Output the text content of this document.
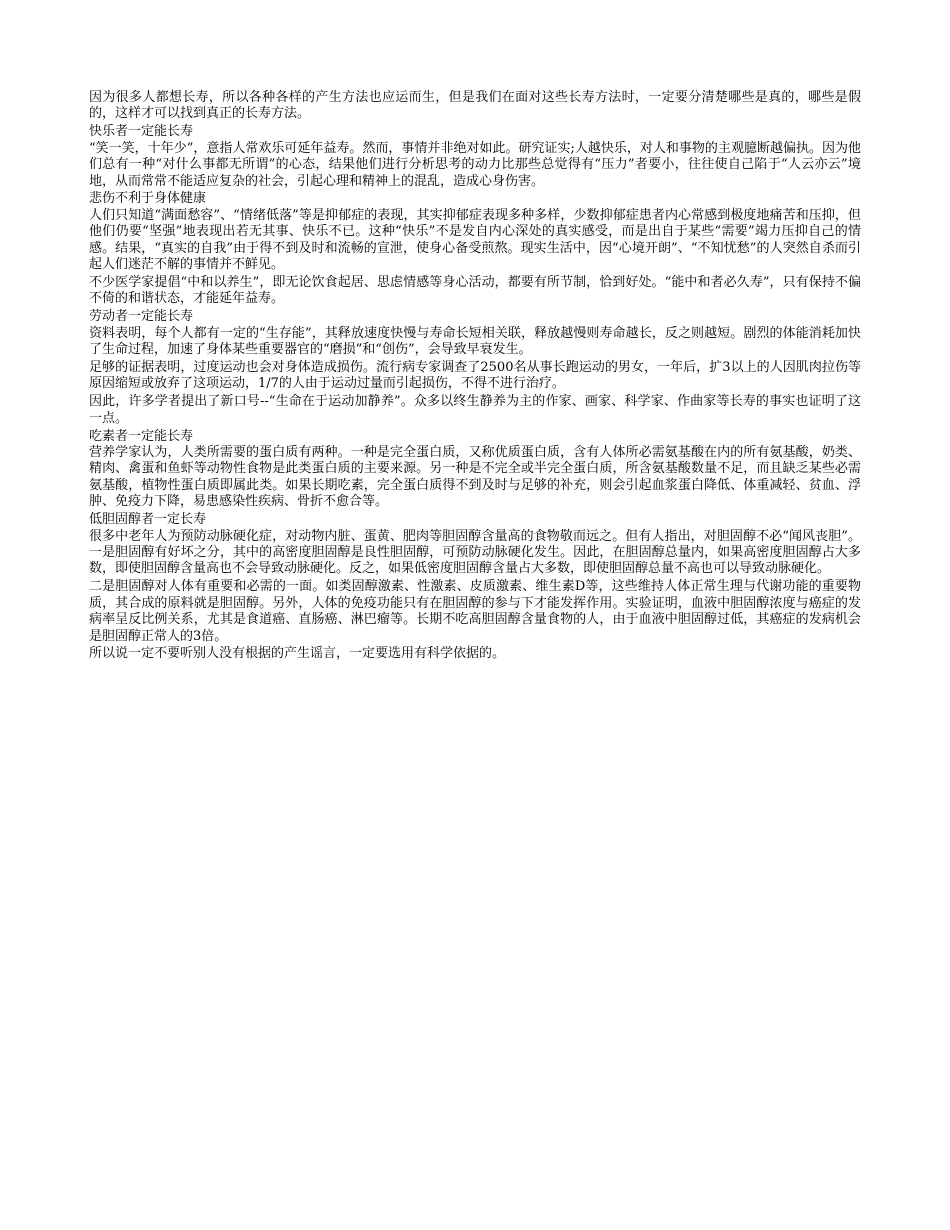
因为很多人都想长寿，所以各种各样的产生方法也应运而生，但是我们在面对这些长寿方法时，一定要分清楚哪些是真的，哪些是假的，这样才可以找到真正的长寿方法。

快乐者一定能长寿

“笑一笑，十年少”，意指人常欢乐可延年益寿。然而，事情并非绝对如此。研究证实;人越快乐，对人和事物的主观臆断越偏执。因为他们总有一种“对什么事都无所谓”的心态，结果他们进行分析思考的动力比那些总觉得有“压力”者要小，往往使自己陷于“人云亦云”境地，从而常常不能适应复杂的社会，引起心理和精神上的混乱，造成心身伤害。

悲伤不利于身体健康

人们只知道“满面愁容”、“情绪低落”等是抑郁症的表现，其实抑郁症表现多种多样，少数抑郁症患者内心常感到极度地痛苦和压抑，但他们仍要“坚强”地表现出若无其事、快乐不已。这种“快乐”不是发自内心深处的真实感受，而是出自于某些“需要”竭力压抑自己的情感。结果，“真实的自我”由于得不到及时和流畅的宣泄，使身心备受煎熬。现实生活中，因“心境开朗”、“不知忧愁”的人突然自杀而引起人们迷茫不解的事情并不鲜见。

不少医学家提倡“中和以养生”，即无论饮食起居、思虑情感等身心活动，都要有所节制，恰到好处。“能中和者必久寿”，只有保持不偏不倚的和谐状态，才能延年益寿。

劳动者一定能长寿

资料表明，每个人都有一定的“生存能”，其释放速度快慢与寿命长短相关联，释放越慢则寿命越长，反之则越短。剧烈的体能消耗加快了生命过程，加速了身体某些重要器官的“磨损”和“创伤”，会导致早衰发生。

足够的证据表明，过度运动也会对身体造成损伤。流行病专家调查了2500名从事长跑运动的男女，一年后，扩3以上的人因肌肉拉伤等原因缩短或放弃了这项运动，1/7的人由于运动过量而引起损伤，不得不进行治疗。

因此，许多学者提出了新口号--“生命在于运动加静养”。众多以终生静养为主的作家、画家、科学家、作曲家等长寿的事实也证明了这一点。

吃素者一定能长寿

营养学家认为，人类所需要的蛋白质有两种。一种是完全蛋白质，又称优质蛋白质，含有人体所必需氨基酸在内的所有氨基酸，奶类、精肉、禽蛋和鱼虾等动物性食物是此类蛋白质的主要来源。另一种是不完全或半完全蛋白质，所含氨基酸数量不足，而且缺乏某些必需氨基酸，植物性蛋白质即属此类。如果长期吃素，完全蛋白质得不到及时与足够的补充，则会引起血浆蛋白降低、体重减轻、贫血、浮肿、免疫力下降，易患感染性疾病、骨折不愈合等。

低胆固醇者一定长寿

很多中老年人为预防动脉硬化症，对动物内脏、蛋黄、肥肉等胆固醇含量高的食物敬而远之。但有人指出，对胆固醇不必“闻风丧胆”。一是胆固醇有好坏之分，其中的高密度胆固醇是良性胆固醇，可预防动脉硬化发生。因此，在胆固醇总量内，如果高密度胆固醇占大多数，即使胆固醇含量高也不会导致动脉硬化。反之，如果低密度胆固醇含量占大多数，即使胆固醇总量不高也可以导致动脉硬化。

二是胆固醇对人体有重要和必需的一面。如类固醇激素、性激素、皮质激素、维生素D等，这些维持人体正常生理与代谢功能的重要物质，其合成的原料就是胆固醇。另外，人体的免疫功能只有在胆固醇的参与下才能发挥作用。实验证明，血液中胆固醇浓度与癌症的发病率呈反比例关系，尤其是食道癌、直肠癌、淋巴瘤等。长期不吃高胆固醇含量食物的人，由于血液中胆固醇过低，其癌症的发病机会是胆固醇正常人的3倍。

所以说一定不要听别人没有根据的产生谣言，一定要选用有科学依据的。
